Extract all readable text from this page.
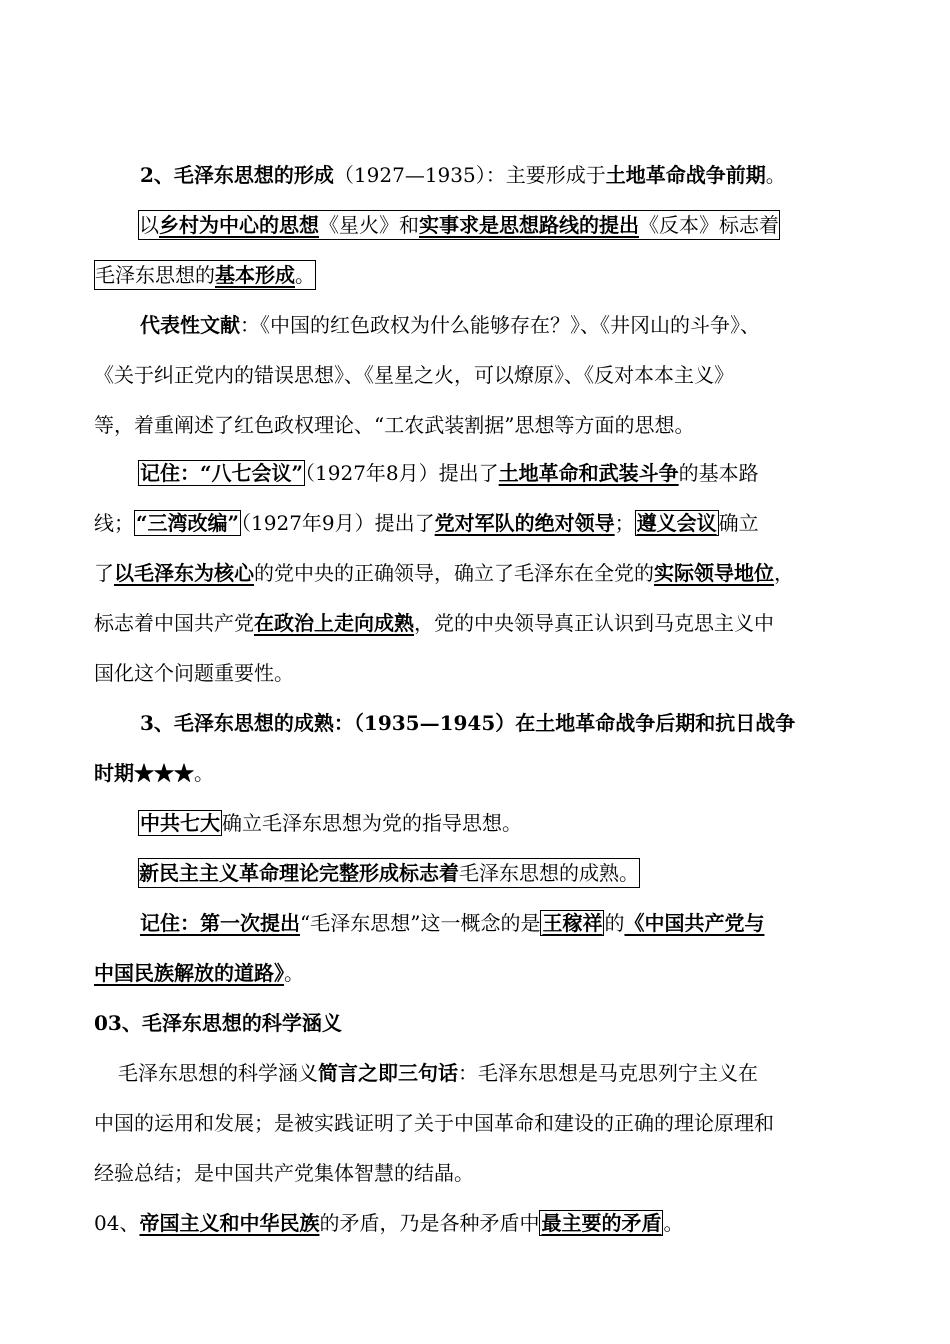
2、毛泽东思想的形成（1927—1935）：主要形成于土地革命战争前期。
以乡村为中心的思想《星火》和实事求是思想路线的提出《反本》标志着
毛泽东思想的基本形成。
代表性文献：《中国的红色政权为什么能够存在？》、《井冈山的斗争》、
《关于纠正党内的错误思想》、《星星之火，可以燎原》、《反对本本主义》
等，着重阐述了红色政权理论、“工农武装割据”思想等方面的思想。
记住：“八七会议” （1927年8月）提出了土地革命和武装斗争的基本路
线； “三湾改编” （1927年9月）提出了党对军队的绝对领导； 遵义会议 确立
了以毛泽东为核心的党中央的正确领导，确立了毛泽东在全党的实际领导地位，
标志着中国共产党在政治上走向成熟，党的中央领导真正认识到马克思主义中
国化这个问题重要性。
3、毛泽东思想的成熟：（1935—1945）在土地革命战争后期和抗日战争
时期★★★。
中共七大 确立毛泽东思想为党的指导思想。
新民主主义革命理论完整形成标志着毛泽东思想的成熟。
记住：第一次提出“毛泽东思想”这一概念的是 王稼祥 的《中国共产党与
中国民族解放的道路》。
03、毛泽东思想的科学涵义
毛泽东思想的科学涵义简言之即三句话：毛泽东思想是马克思列宁主义在
中国的运用和发展；是被实践证明了关于中国革命和建设的正确的理论原理和
经验总结；是中国共产党集体智慧的结晶。
04、帝国主义和中华民族的矛盾，乃是各种矛盾中 最主要的矛盾 。
